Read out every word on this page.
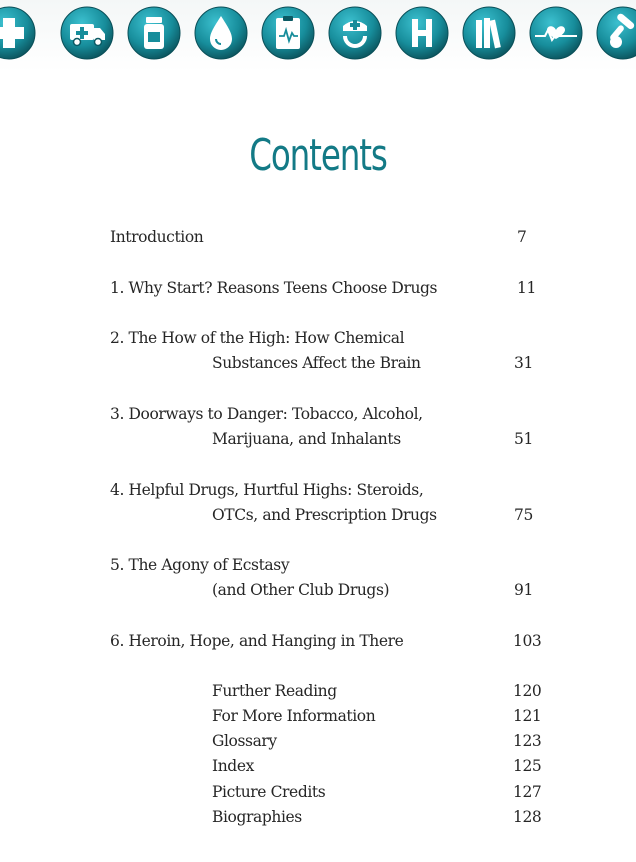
Contents
Introduction	7
1. Why Start? Reasons Teens Choose Drugs	11
2. The How of the High: How Chemical
Substances Affect the Brain	31
3. Doorways to Danger: Tobacco, Alcohol,
Marijuana, and Inhalants	51
4. Helpful Drugs, Hurtful Highs: Steroids,
OTCs, and Prescription Drugs	75
5. The Agony of Ecstasy
(and Other Club Drugs)	91
6. Heroin, Hope, and Hanging in There	103
Further Reading	120
For More Information	121
Glossary	123
Index	125
Picture Credits	127
Biographies	128
